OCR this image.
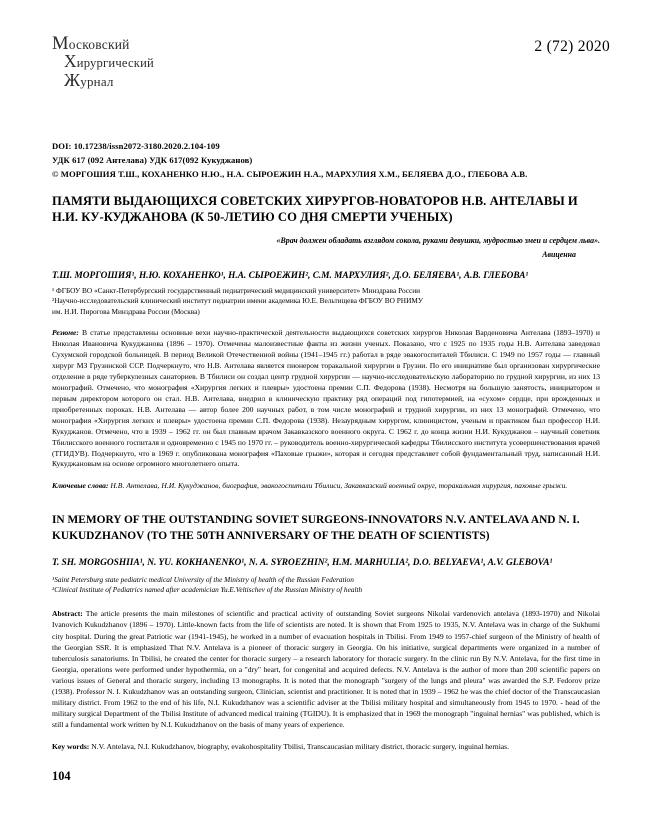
Московский
Хирургический
Журнал
2 (72) 2020
DOI: 10.17238/issn2072-3180.2020.2.104-109
УДК 617 (092 Антелава) УДК 617(092 Кукуджанов)
© МОРГОШИЯ Т.Ш., КОХАНЕНКО Н.Ю., Н.А. СЫРОЕЖИН Н.А., МАРХУЛИЯ Х.М., БЕЛЯЕВА Д.О., ГЛЕБОВА А.В.
ПАМЯТИ ВЫДАЮЩИХСЯ СОВЕТСКИХ ХИРУРГОВ-НОВАТОРОВ Н.В. АНТЕЛАВЫ И Н.И. КУ-КУДЖАНОВА (К 50-ЛЕТИЮ СО ДНЯ СМЕРТИ УЧЕНЫХ)
«Врач должен обладать взглядом сокола, руками девушки, мудростью змеи и сердцем льва».
Авиценна
Т.Ш. МОРГОШИЯ¹, Н.Ю. КОХАНЕНКО¹, Н.А. СЫРОЕЖИН², С.М. МАРХУЛИЯ², Д.О. БЕЛЯЕВА¹, А.В. ГЛЕБОВА¹
¹ ФГБОУ ВО «Санкт-Петербургский государственный педиатрический медицинский университет» Минздрава России
²Научно-исследовательский клинический институт педиатрии имени академика Ю.Е. Вельтищева ФГБОУ ВО РНИМУ
им. Н.И. Пирогова Минздрава России (Москва)
Резюме: В статье представлены основные вехи научно-практической деятельности выдающихся советских хирургов Николая Варденовича Антелава (1893–1970) и Николая Ивановича Кукуджанова (1896 – 1970). Отмечены малоизвестные факты из жизни ученых. Показано, что с 1925 по 1935 годы Н.В. Антелава заведовал Сухумской городской больницей. В период Великой Отечественной войны (1941–1945 гг.) работал в ряде эвакогоспиталей Тбилиси. С 1949 по 1957 годы — главный хирург МЗ Грузинской ССР. Подчеркнуто, что Н.В. Антелава является пионером торакальной хирургии в Грузии. По его инициативе был организован хирургические отделение в ряде туберкулезных санаториев. В Тбилиси он создал центр грудной хирургии — научно-исследовательскую лабораторию по грудной хирургии, из них 13 монографий. Отмечено, что монография «Хирургия легких и плевры» удостоена премии С.П. Федорова (1938). Несмотря на большую занятость, инициатором и первым директором которого он стал. Н.В. Антелава, внедрил в клиническую практику ряд операций под гипотермией, на «сухом» сердце, при врожденных и приобретенных пороках. Н.В. Антелава — автор более 200 научных работ, в том числе монографий и трудной хирургии, из них 13 монографий. Отмечено, что монография «Хирургия легких и плевры» удостоена премии С.П. Федорова (1938). Незаурядным хирургом, клиницистом, ученым и практиком был профессор Н.И. Кукуджанов. Отмечено, что в 1939 – 1962 гг. он был главным врачом Закавказского военного округа. С 1962 г. до конца жизни Н.И. Кукуджанов – научный советник Тбилисского военного госпиталя и одновременно с 1945 по 1970 гг. – руководитель военно-хирургической кафедры Тбилисского института усовершенствования врачей (ТГИДУВ). Подчеркнуто, что в 1969 г. опубликована монография «Паховые грыжи», которая и сегодня представляет собой фундаментальный труд, написанный Н.И. Кукуджановым на основе огромного многолетнего опыта.
Ключевые слова: Н.В. Антелава, Н.И. Кукуджанов, биография, эвакогоспитали Тбилиси, Закавказский военный округ, торакальная хирургия, паховые грыжи.
IN MEMORY OF THE OUTSTANDING SOVIET SURGEONS-INNOVATORS N.V. ANTELAVA AND N. I. KUKUDZHANOV (TO THE 50TH ANNIVERSARY OF THE DEATH OF SCIENTISTS)
T. SH. MORGOSHIIA¹, N. YU. KOKHANENKO¹, N. A. SYROEZHIN², H.M. MARHULIA², D.O. BELYAEVA¹, A.V. GLEBOVA¹
¹Saint Petersburg state pediatric medical University of the Ministry of health of the Russian Federation
²Clinical Institute of Pediatrics named after academician Yu.E.Veltischev of the Russian Ministry of health
Abstract: The article presents the main milestones of scientific and practical activity of outstanding Soviet surgeons Nikolai vardenovich antelava (1893-1970) and Nikolai Ivanovich Kukudzhanov (1896 – 1970). Little-known facts from the life of scientists are noted. It is shown that From 1925 to 1935, N.V. Antelava was in charge of the Sukhumi city hospital. During the great Patriotic war (1941-1945), he worked in a number of evacuation hospitals in Tbilisi. From 1949 to 1957-chief surgeon of the Ministry of health of the Georgian SSR. It is emphasized That N.V. Antelava is a pioneer of thoracic surgery in Georgia. On his initiative, surgical departments were organized in a number of tuberculosis sanatoriums. In Tbilisi, he created the center for thoracic surgery – a research laboratory for thoracic surgery. In the clinic run By N.V. Antelava, for the first time in Georgia, operations were performed under hypothermia, on a "dry" heart, for congenital and acquired defects. N.V. Antelava is the author of more than 200 scientific papers on various issues of General and thoracic surgery, including 13 monographs. It is noted that the monograph "surgery of the lungs and pleura" was awarded the S.P. Fedorov prize (1938). Professor N. I. Kukudzhanov was an outstanding surgeon, Clinician, scientist and practitioner. It is noted that in 1939 – 1962 he was the chief doctor of the Transcaucasian military district. From 1962 to the end of his life, N.I. Kukudzhanov was a scientific adviser at the Tbilisi military hospital and simultaneously from 1945 to 1970. - head of the military surgical Department of the Tbilisi Institute of advanced medical training (TGIDU). It is emphasized that in 1969 the monograph "inguinal hernias" was published, which is still a fundamental work written by N.I. Kukudzhanov on the basis of many years of experience.
Key words: N.V. Antelava, N.I. Kukudzhanov, biography, evakohospitality Tbilisi, Transcaucasian military district, thoracic surgery, inguinal hernias.
104
